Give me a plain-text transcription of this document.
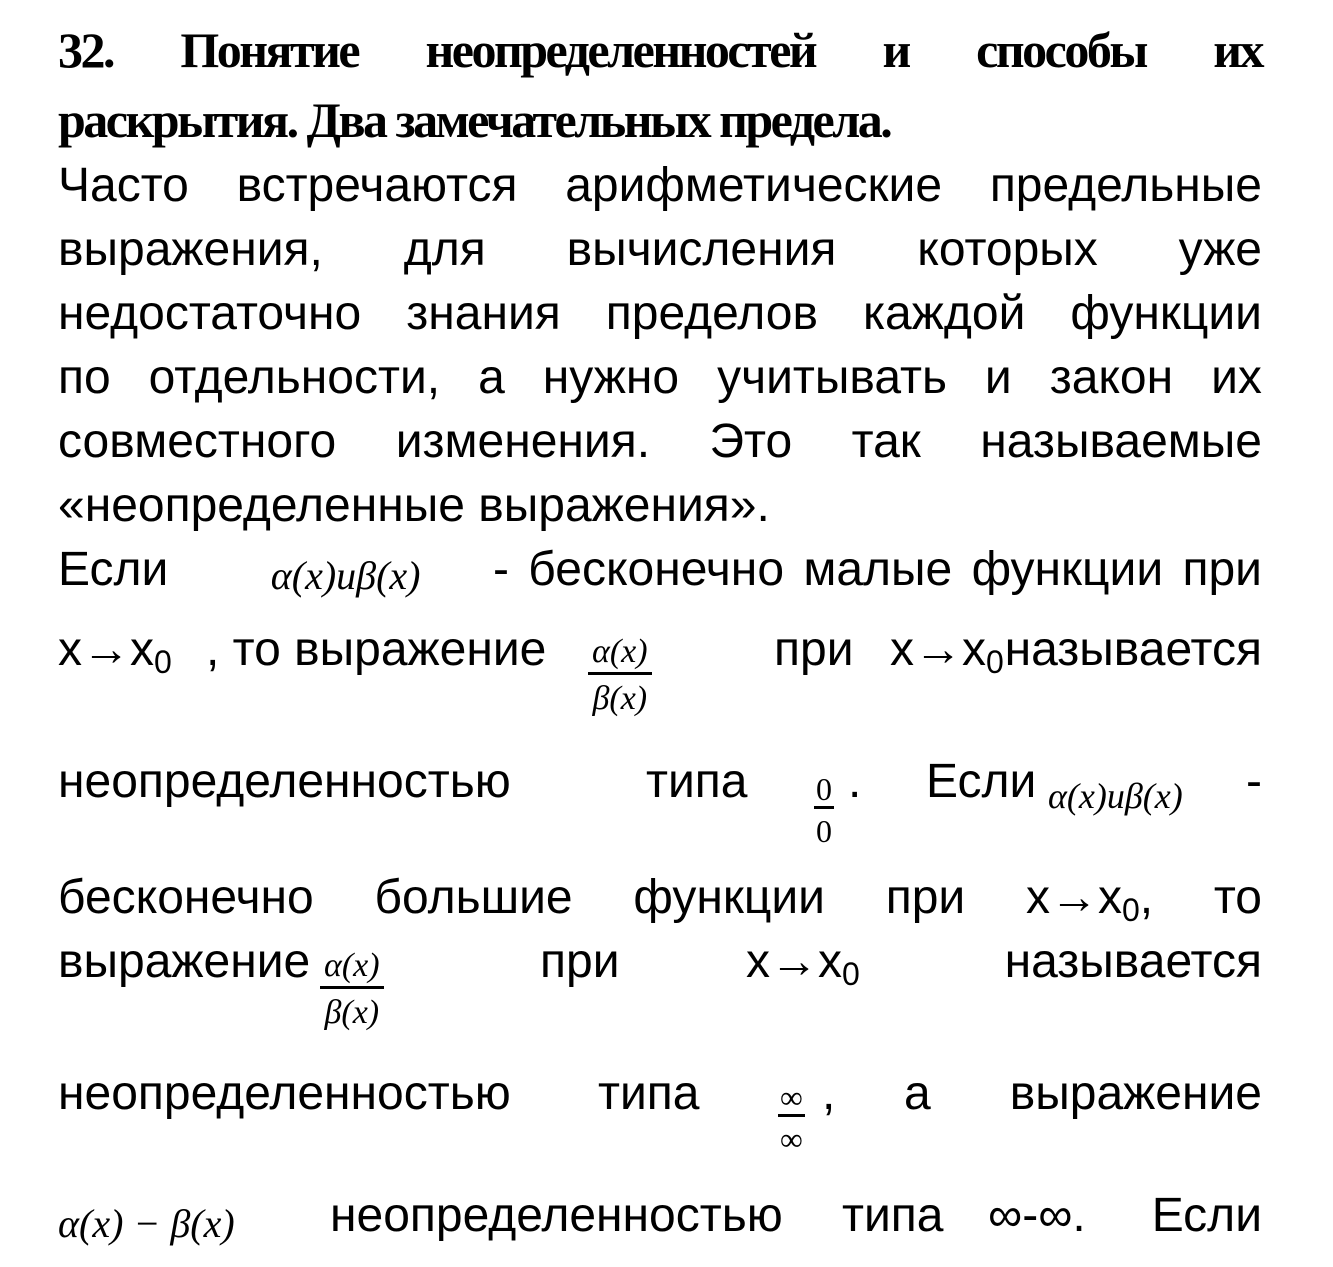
32. Понятие неопределенностей и способы их
раскрытия. Два замечательных предела.
Часто встречаются арифметические предельные
выражения, для вычисления которых уже
недостаточно знания пределов каждой функции
по отдельности, а нужно учитывать и закон их
совместного изменения. Это так называемые
«неопределенные выражения».
Если	α(x)uβ(x) - бесконечно малые функции при
x→x0 , то выражение $\frac{\alpha(x)}{\beta(x)}$	при x→x0 называется
неопределенностью	типа $\frac{0}{0}$ . Если α(x)uβ(x) -
бесконечно большие функции при x→x0, то
выражение $\frac{\alpha(x)}{\beta(x)}$	при	x→x0	называется
неопределенностью типа	∞
∞
, а выражение
α(x) − β(x) неопределенностью типа ∞-∞. Если
